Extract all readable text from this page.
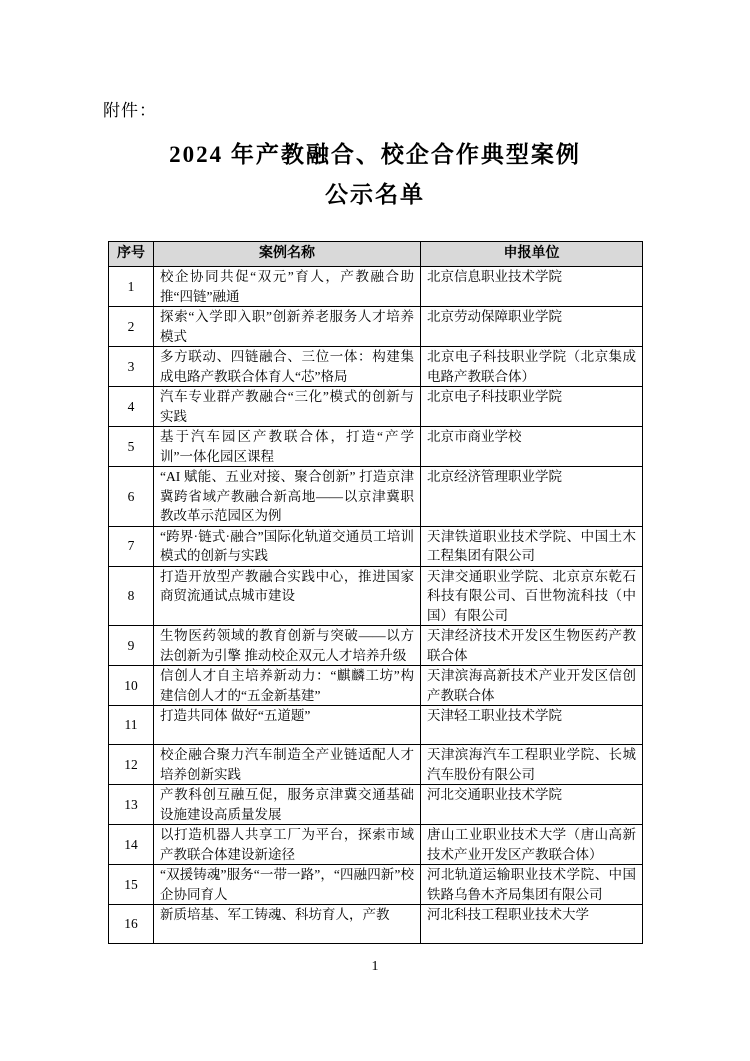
附件：
2024 年产教融合、校企合作典型案例
公示名单
序号	案例名称	申报单位
1	校企协同共促“双元”育人，产教融合助推“四链”融通	北京信息职业技术学院
2	探索“入学即入职”创新养老服务人才培养模式	北京劳动保障职业学院
3	多方联动、四链融合、三位一体：构建集成电路产教联合体育人“芯”格局	北京电子科技职业学院（北京集成电路产教联合体）
4	汽车专业群产教融合“三化”模式的创新与实践	北京电子科技职业学院
5	基于汽车园区产教联合体，打造“产学训”一体化园区课程	北京市商业学校
6	“AI 赋能、五业对接、聚合创新” 打造京津冀跨省域产教融合新高地——以京津冀职教改革示范园区为例	北京经济管理职业学院
7	“跨界·链式·融合”国际化轨道交通员工培训模式的创新与实践	天津铁道职业技术学院、中国土木工程集团有限公司
8	打造开放型产教融合实践中心，推进国家商贸流通试点城市建设	天津交通职业学院、北京京东乾石科技有限公司、百世物流科技（中国）有限公司
9	生物医药领域的教育创新与突破——以方法创新为引擎 推动校企双元人才培养升级	天津经济技术开发区生物医药产教联合体
10	信创人才自主培养新动力：“麒麟工坊”构建信创人才的“五金新基建”	天津滨海高新技术产业开发区信创产教联合体
11	打造共同体 做好“五道题”	天津轻工职业技术学院
12	校企融合聚力汽车制造全产业链适配人才培养创新实践	天津滨海汽车工程职业学院、长城汽车股份有限公司
13	产教科创互融互促，服务京津冀交通基础设施建设高质量发展	河北交通职业技术学院
14	以打造机器人共享工厂为平台，探索市域产教联合体建设新途径	唐山工业职业技术大学（唐山高新技术产业开发区产教联合体）
15	“双援铸魂”服务“一带一路”，“四融四新”校企协同育人	河北轨道运输职业技术学院、中国铁路乌鲁木齐局集团有限公司
16	新质培基、军工铸魂、科坊育人，产教	河北科技工程职业技术大学
1
